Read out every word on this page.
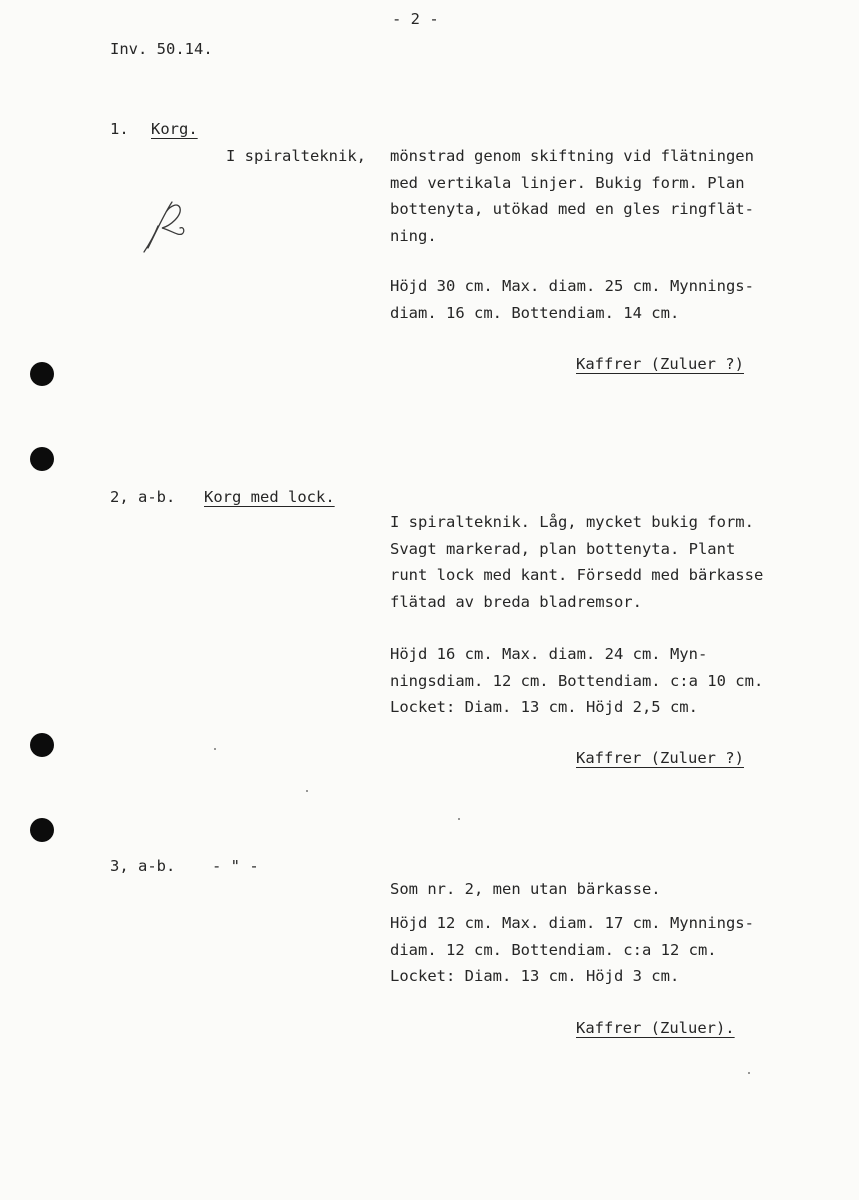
- 2 -
Inv. 50.14.
1. Korg.
I spiralteknik, mönstrad genom skiftning vid flätningen
med vertikala linjer. Bukig form. Plan
bottenyta, utökad med en gles ringflät-
ning.
Höjd 30 cm. Max. diam. 25 cm. Mynnings-
diam. 16 cm. Bottendiam. 14 cm.
Kaffrer (Zuluer ?)
2, a-b. Korg med lock.
I spiralteknik. Låg, mycket bukig form.
Svagt markerad, plan bottenyta. Plant
runt lock med kant. Försedd med bärkasse
flätad av breda bladremsor.
Höjd 16 cm. Max. diam. 24 cm. Myn-
ningsdiam. 12 cm. Bottendiam. c:a 10 cm.
Locket: Diam. 13 cm. Höjd 2,5 cm.
Kaffrer (Zuluer ?)
3, a-b. - " -
Som nr. 2, men utan bärkasse.
Höjd 12 cm. Max. diam. 17 cm. Mynnings-
diam. 12 cm. Bottendiam. c:a 12 cm.
Locket: Diam. 13 cm. Höjd 3 cm.
Kaffrer (Zuluer).
